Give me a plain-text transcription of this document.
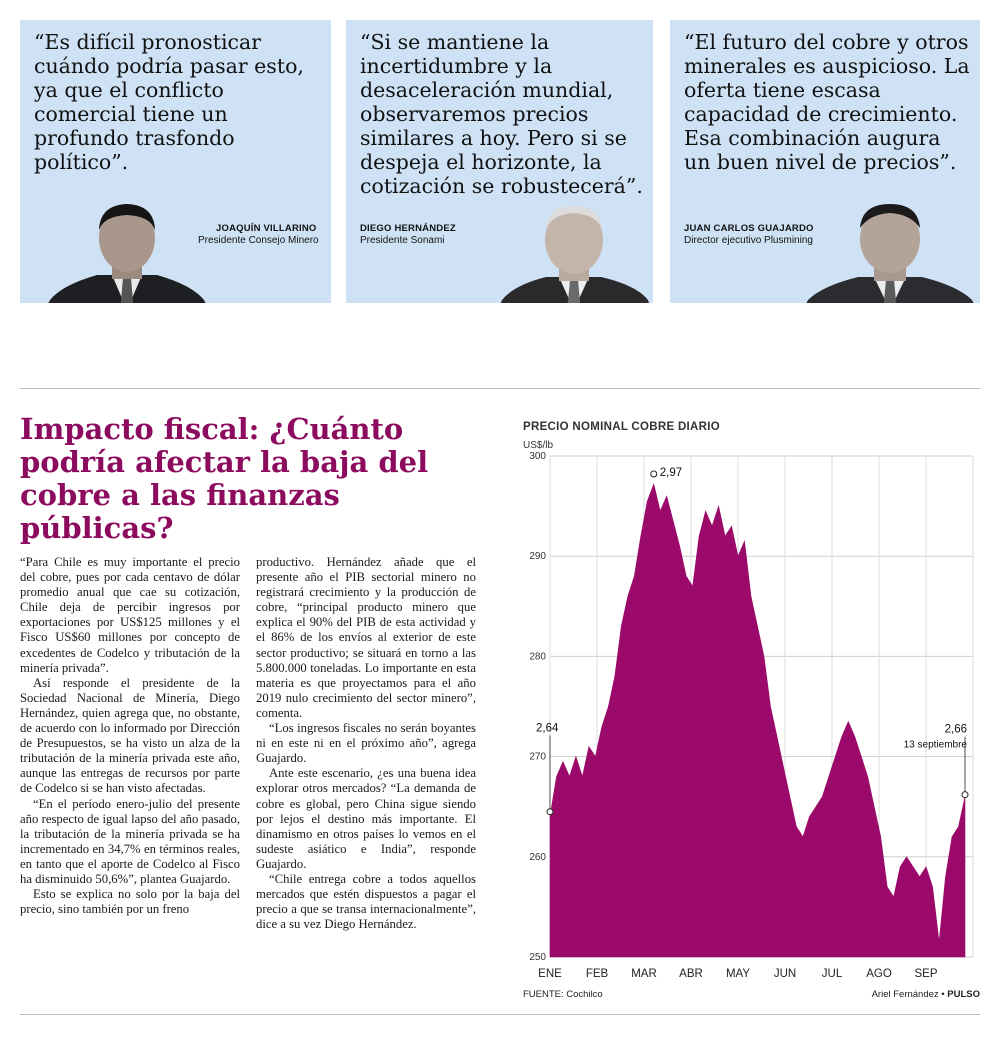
“Es difícil pronosticar cuándo podría pasar esto, ya que el conflicto comercial tiene un profundo trasfondo político”.
JOAQUÍN VILLARINO
Presidente Consejo Minero
“Si se mantiene la incertidumbre y la desaceleración mundial, observaremos precios similares a hoy. Pero si se despeja el horizonte, la cotización se robustecerá”.
DIEGO HERNÁNDEZ
Presidente Sonami
“El futuro del cobre y otros minerales es auspicioso. La oferta tiene escasa capacidad de crecimiento. Esa combinación augura un buen nivel de precios”.
JUAN CARLOS GUAJARDO
Director ejecutivo Plusmining
Impacto fiscal: ¿Cuánto podría afectar la baja del cobre a las finanzas públicas?

“Para Chile es muy importante el precio del cobre, pues por cada centavo de dólar promedio anual que cae su cotización, Chile deja de percibir ingresos por exportaciones por US$125 millones y el Fisco US$60 millones por concepto de excedentes de Codelco y tributación de la minería privada”.

Así responde el presidente de la Sociedad Nacional de Minería, Diego Hernández, quien agrega que, no obstante, de acuerdo con lo informado por Dirección de Presupuestos, se ha visto un alza de la tributación de la minería privada este año, aunque las entregas de recursos por parte de Codelco si se han visto afectadas.

“En el período enero-julio del presente año respecto de igual lapso del año pasado, la tributación de la minería privada se ha incrementado en 34,7% en términos reales, en tanto que el aporte de Codelco al Fisco ha disminuido 50,6%”, plantea Guajardo.

Esto se explica no solo por la baja del precio, sino también por un freno

productivo. Hernández añade que el presente año el PIB sectorial minero no registrará crecimiento y la producción de cobre, “principal producto minero que explica el 90% del PIB de esta actividad y el 86% de los envíos al exterior de este sector productivo; se situará en torno a las 5.800.000 toneladas. Lo importante en esta materia es que proyectamos para el año 2019 nulo crecimiento del sector minero”, comenta.

“Los ingresos fiscales no serán boyantes ni en este ni en el próximo año”, agrega Guajardo.

Ante este escenario, ¿es una buena idea explorar otros mercados? “La demanda de cobre es global, pero China sigue siendo por lejos el destino más importante. El dinamismo en otros países lo vemos en el sudeste asiático e India”, responde Guajardo.

“Chile entrega cobre a todos aquellos mercados que estén dispuestos a pagar el precio a que se transa internacionalmente”, dice a su vez Diego Hernández.

PRECIO NOMINAL COBRE DIARIO
US$/lb
250
260
270
280
290
300
ENE FEB MAR ABR MAY JUN JUL AGO SEP
2,64
2,97
2,66
13 septiembre
FUENTE: Cochilco	Ariel Fernández • PULSO
